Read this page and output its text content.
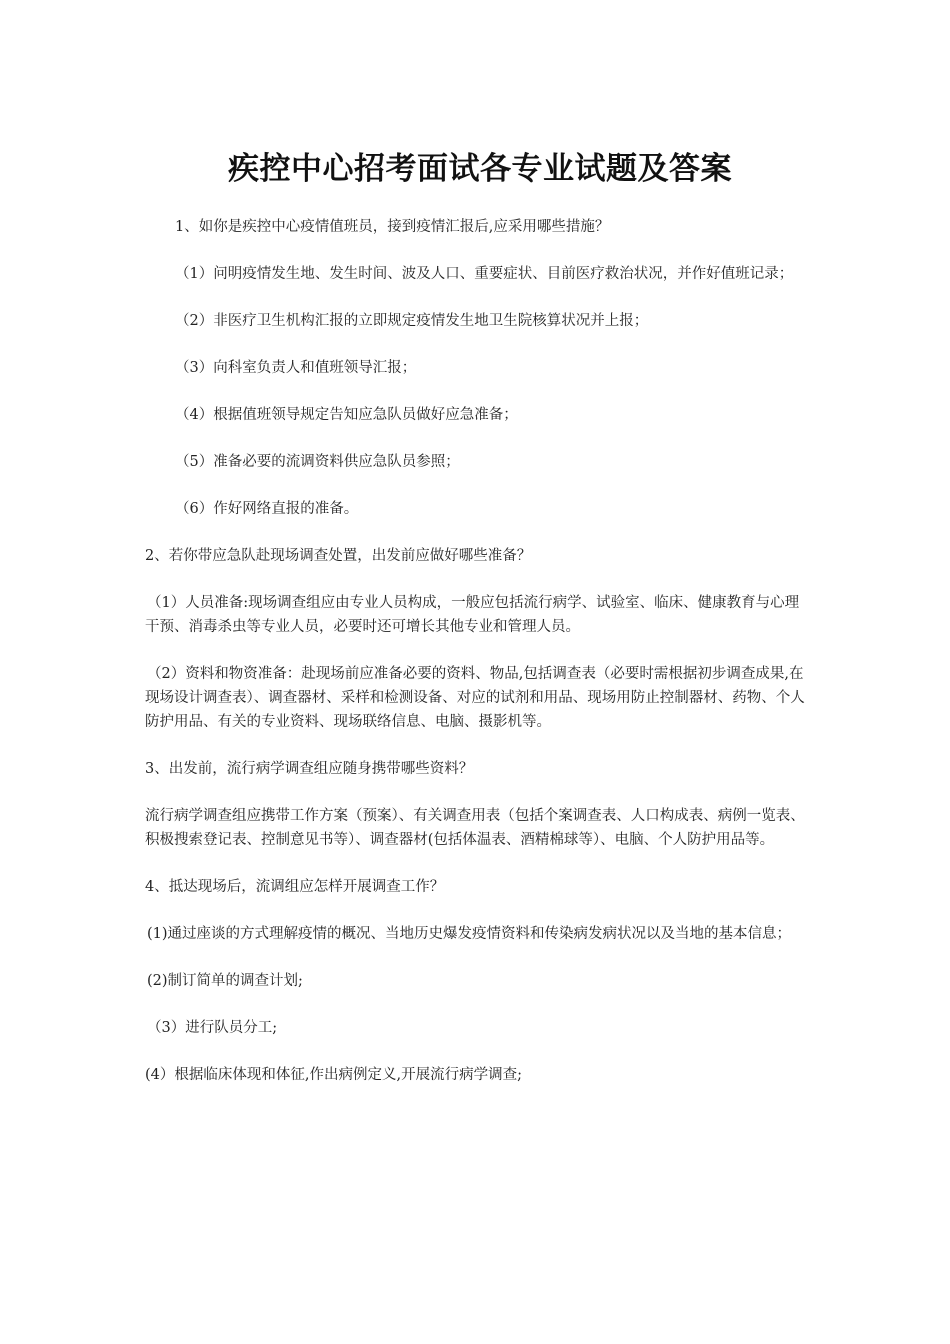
疾控中心招考面试各专业试题及答案

1、如你是疾控中心疫情值班员，接到疫情汇报后,应采用哪些措施？

（1）问明疫情发生地、发生时间、波及人口、重要症状、目前医疗救治状况，并作好值班记录；

（2）非医疗卫生机构汇报的立即规定疫情发生地卫生院核算状况并上报；

（3）向科室负责人和值班领导汇报；

（4）根据值班领导规定告知应急队员做好应急准备；

（5）准备必要的流调资料供应急队员参照；

（6）作好网络直报的准备。

2、若你带应急队赴现场调查处置，出发前应做好哪些准备？

（1）人员准备:现场调查组应由专业人员构成，一般应包括流行病学、试验室、临床、健康教育与心理干预、消毒杀虫等专业人员，必要时还可增长其他专业和管理人员。

（2）资料和物资准备：赴现场前应准备必要的资料、物品,包括调查表（必要时需根据初步调查成果,在现场设计调查表）、调查器材、采样和检测设备、对应的试剂和用品、现场用防止控制器材、药物、个人防护用品、有关的专业资料、现场联络信息、电脑、摄影机等。

3、出发前，流行病学调查组应随身携带哪些资料？

流行病学调查组应携带工作方案（预案）、有关调查用表（包括个案调查表、人口构成表、病例一览表、积极搜索登记表、控制意见书等）、调查器材(包括体温表、酒精棉球等）、电脑、个人防护用品等。

4、抵达现场后，流调组应怎样开展调查工作？

(1)通过座谈的方式理解疫情的概况、当地历史爆发疫情资料和传染病发病状况以及当地的基本信息；

(2)制订简单的调查计划;

（3）进行队员分工;

(4）根据临床体现和体征,作出病例定义,开展流行病学调查;
